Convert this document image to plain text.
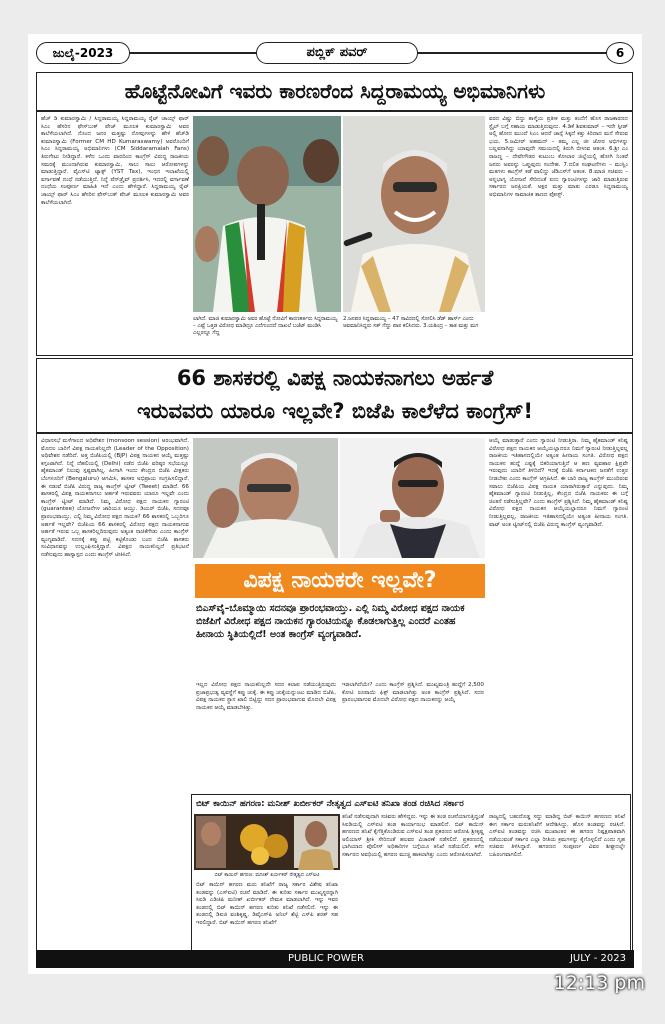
ಜುಲೈ-2023	ಪಬ್ಲಿಕ್ ಪವರ್	6
ಹೊಟ್ಟೆನೋವಿಗೆ ಇವರು ಕಾರಣರೆಂದ ಸಿದ್ದರಾಮಯ್ಯ ಅಭಿಮಾನಿಗಳು

ಹೆಚ್ ಡಿ ಕುಮಾರಸ್ವಾಮಿ / ಸಿದ್ದರಾಮಯ್ಯ ಸಿದ್ದರಾಮಯ್ಯ ರೈಟ್ ಚಾಯ್ಸ್ ಫಾರ್ ಸಿಎಂ ಹೆಸರಿನ ಫೇಸ್‌ಬುಕ್ ಪೇಜ್ ಮೂಲಕ ಕುಮಾರಸ್ವಾಮಿ ಅವರ ಕಾಲೆಳೆಯಲಾಗಿದೆ. ನೊಂದ ಜನರ ಮತ್ತಷ್ಟು ನೋವುಗಳನ್ನು ಹೇಳಿ ಹೆಚ್‌ಡಿ ಕುಮಾರಸ್ವಾಮಿ (Former CM HD Kumaraswamy) ಅವರೊಂದಿಗೆ ಸಿಎಂ ಸಿದ್ದರಾಮಯ್ಯ ಅಭಿಮಾನಿಗಳು (CM Siddaramaiah Fans) ತಿರುಗೇಟು ನೀಡಿದ್ದಾರೆ. ಕಳೆದ ಒಂದು ವಾರದಿಂದ ಕಾಂಗ್ರೆಸ್ ವಿರುದ್ಧ ರಾಜಕೀಯ ಸಮರಕ್ಕೆ ಮುಂದಾಗಿರುವ ಕುಮಾರಸ್ವಾಮಿ, ಸಾಲು ಸಾಲು ಆರೋಪಗಳನ್ನು ಮಾಡುತ್ತಿದ್ದಾರೆ. ವೈಎಸ್‌ಟಿ ಟ್ಯಾಕ್ಸ್ (YST Tax), ಇಂಧನ ಇಲಾಖೆಯಲ್ಲಿ ವರ್ಗಾವಣೆ ದಂಧೆ ನಡೆಯುತ್ತಿದೆ. ನಿನ್ನೆ ಪೆನ್‌ಡ್ರೈವ್ ಪ್ರದರ್ಶಿಸಿ, ಇದರಲ್ಲಿ ವರ್ಗಾವಣೆ ದಂಧೆಯ ಸಂಪೂರ್ಣ ಮಾಹಿತಿ ಇದೆ ಎಂದು ಹೇಳಿದ್ದಾರೆ. ಸಿದ್ದರಾಮಯ್ಯ ರೈಟ್ ಚಾಯ್ಸ್ ಫಾರ್ ಸಿಎಂ ಹೆಸರಿನ ಫೇಸ್‌ಬುಕ್ ಪೇಜ್ ಮೂಲಕ ಕುಮಾರಸ್ವಾಮಿ ಅವರ ಕಾಲೆಳೆಯಲಾಗಿದೆ.

ಲಾಗಿದೆ. ಮಾಜಿ ಕುಮಾರಸ್ವಾಮಿ ಅವರ ಹೊಟ್ಟೆ ನೋವಿಗೆ ಕಾರಣಕರ್ತರು ಸಿದ್ದರಾಮಯ್ಯ – ಎಷ್ಟೆ ಒತ್ತಡ ವಿರೋಧ ಮಾಡಿದ್ರೂ ಎದೆಗುಂದದೆ ದಾಖಲೆ ಬಜೆಟ್ ಮಂಡಿಸಿ ಎಲ್ಲರನ್ನೂ ಗೆದ್ದ
2.ಜನಪರ ಸಿದ್ದರಾಮಯ್ಯ – 47 ಸಾವಿರದಲ್ಲಿ ಸೋಲಿಸಿ ಡೆಡ್ ಹಾರ್ಸ್ ಎಂದು ಅವಮಾನಿಸಿದ್ದರು ಸತ್ ಗೆದ್ದು ಪಾಠ ಕಲಿಸಿದರು. 3.ಯಶಿಂದ್ರ – ತಾತ ಮತ್ತು ಮಗ

ವರದ ವಿಷ್ಣು ಬಿದ್ದು ತಾಳ್ಮೆಯ ಪ್ರತೀಕ ಮತ್ತು ತಂದೆಗೆ ಹೊಸ ರಾಜಕಾರಣದ ಸ್ಟೈಲ್ ಬಗ್ಗೆ ಸಹಾಯ ಮಾಡುತ್ತಿರುವುದು. 4.ಡಿಕೆ ಶಿವಕುಮಾರ್ – ಇದೇ ಸ್ಪೀಡ್ ಅಲ್ಲಿ ಹೋದ ಮುಂದೆ ಸಿಎಂ ಆದರೆ ಚಾನ್ಸೆ ಸಿಕ್ಕದೆ ಕತ್ತು ಕಿರಿದಾದ ಮನೆ ಸೇರುವ ಭಯ. 5.ಜಮೀರ್ ಅಹಮದ್ – ತಮ್ಮ ಎಲ್ಲ ಜೀ ಜೋರ ಅಭಿಗಳನ್ನು ಬಲ್ಲವನಾಗಿದ್ದು ಯಾವುದೇ ಸಮಯದಲ್ಲಿ ತಿರುಗಿ ಬೀಳುವ ಆತಂಕ. 6.ಶ್ರೀ ಎಂ ರಾಜಣ್ಣ – ದೇವೇಗೌಡರ ಕುಟುಂಬ ಕೋಲಾರ ಜಿಲ್ಲೆಯಲ್ಲಿ ಹೋಗಿ ನಿಂತರೆ ಜನರು ಅವರನ್ನು ಒಪ್ಪುವುದು ಸಂದೇಹ. 7.ದಲಿತ ಸಂಘಟನೆಗಳು – ಮುಸ್ಲಿಂ ಮತಗಳು ಕಾಂಗ್ರೆಸ್ ಕಡೆ ವಾಲಿದ್ದು ಜೆಡಿಎಸ್‌ಗೆ ಆತಂಕ. 8.ಮಾಜಿ ಸಚಿವರು – ಅನ್ನಭಾಗ್ಯ ಯೋಜನೆ ಸೇರಿದಂತೆ ಐದು ಗ್ಯಾರಂಟಿಗಳನ್ನು ಜಾರಿ ಮಾಡುತ್ತಿರುವ ಸರ್ಕಾರದ ಜನಪ್ರಿಯತೆ. ಅಕ್ಷರ ಮತ್ತು ಮಾತು ಎರಡೂ ಸಿದ್ದರಾಮಯ್ಯ ಅಭಿಮಾನಿಗಳ ಸಾಮಾಜಿಕ ತಾಣದ ಪೋಸ್ಟ್.

66 ಶಾಸಕರಲ್ಲಿ ವಿಪಕ್ಷ ನಾಯಕನಾಗಲು ಅರ್ಹತೆ
ಇರುವವರು ಯಾರೂ ಇಲ್ಲವೇ? ಬಿಜೆಪಿ ಕಾಲೆಳೆದ ಕಾಂಗ್ರೆಸ್!

ವಿಧಾನಸಭೆ ಮಳೆಗಾಲದ ಅಧಿವೇಶನ (monsoon session) ಆರಂಭವಾಗಿದೆ. ಮೊದಲ ಬಾರಿಗೆ ವಿಪಕ್ಷ ನಾಯಕನಿಲ್ಲದೇ (Leader of the Opposition) ಅಧಿವೇಶನ ನಡೆದಿದೆ. ಅತ್ತ ಬಿಜೆಪಿಯಲ್ಲಿ (BJP) ವಿಪಕ್ಷ ನಾಯಕನ ಆಯ್ಕೆ ಮತ್ತಷ್ಟು ಕಗ್ಗಂಟಾಗಿದೆ. ನಿನ್ನೆ ದೆಹಲಿಯಲ್ಲಿ (Delhi) ನಡೆದ ಬಿಜೆಪಿ ವರಿಷ್ಠರ ಸಭೆಯಲ್ಲೂ ಹೈಕಮಾಂಡ್ ನಿಲುವು ಸ್ಪಷ್ಟವಾಗಿಲ್ಲ. ಹೀಗಾಗಿ ಇಂದು ಕೇಂದ್ರದ ಬಿಜೆಪಿ ವೀಕ್ಷಕರು ಬೆಂಗಳೂರಿಗೆ (Bengaluru) ಆಗಮಿಸಿ, ಶಾಸಕರ ಅಭಿಪ್ರಾಯ ಸಂಗ್ರಹಿಸಲಿದ್ದಾರೆ. ಈ ನಡುವೆ ಬಿಜೆಪಿ ವಿರುದ್ಧ ರಾಜ್ಯ ಕಾಂಗ್ರೆಸ್ ಟ್ವೀಟ್ (Tweet) ಮಾಡಿದೆ. 66 ಶಾಸಕರಲ್ಲಿ ವಿಪಕ್ಷ ನಾಯಕನಾಗಲು ಅರ್ಹತೆ ಇರುವವರು ಯಾರೂ ಇಲ್ಲವೇ ಎಂದು ಕಾಂಗ್ರೆಸ್ ಟ್ವೀಟ್ ಮಾಡಿದೆ. ನಿಮ್ಮ ವಿರೋಧ ಪಕ್ಷದ ನಾಯಕನ ಗ್ಯಾರಂಟಿ (guarantee) ಯೋಜನೆಗಳ ಜಾರಿಯೂ ಆಯ್ತು. ಡಿಯರ್ ಬಿಜೆಪಿ, ಸದನವೂ ಪ್ರಾರಂಭವಾಯ್ತು, ಎಲ್ಲಿ ನಿಮ್ಮ ವಿರೋಧ ಪಕ್ಷದ ನಾಯಕ? 66 ಶಾಸಕರಲ್ಲಿ ಒಬ್ಬರಿಗೂ ಅರ್ಹತೆ ಇಲ್ಲವೇ? ಬಿಜೆಪಿಯ 66 ಶಾಸಕರಲ್ಲಿ ವಿರೋಧ ಪಕ್ಷದ ನಾಯಕನಾಗುವ ಅರ್ಹತೆ ಇರುವ ಒಬ್ಬ ಶಾಸಕರಿಲ್ಲದಿರುವುದು ಅತ್ಯಂತ ನಾಚಿಕೆಗೇಡು ಎಂದು ಕಾಂಗ್ರೆಸ್ ವ್ಯಂಗ್ಯವಾಡಿದೆ. ಸದನಕ್ಕೆ ಕಪ್ಪು ಪಟ್ಟಿ ಕಟ್ಟಿಕೊಂಡು ಬಂದ ಬಿಜೆಪಿ ಶಾಸಕರು ಸಂವಿಧಾನವನ್ನು ಉಲ್ಲಂಘಿಸುತ್ತಿದ್ದಾರೆ. ವಿಪಕ್ಷದ ನಾಯಕನಿಲ್ಲದೆ ಪ್ರತಿಭಟನೆ ನಡೆಸುವುದು ಹಾಸ್ಯಾಸ್ಪದ ಎಂದು ಕಾಂಗ್ರೆಸ್ ಟೀಕಿಸಿದೆ.

ವಿಪಕ್ಷ ನಾಯಕರೇ ಇಲ್ಲವೇ?
ಬಿಎಸ್‌ವೈ–ಬೊಮ್ಮಾಯಿ ಸದನವೂ ಪ್ರಾರಂಭವಾಯ್ತು. ಎಲ್ಲಿ ನಿಮ್ಮ ವಿರೋಧ ಪಕ್ಷದ ನಾಯಕ ಬಿಜೆಪಿಗೆ ವಿರೋಧ ಪಕ್ಷದ ನಾಯಕನ ಗ್ಯಾರಂಟಿಯನ್ನೂ ಕೊಡಲಾಗುತ್ತಿಲ್ಲ ಎಂದರೆ ಎಂತಹ ಹೀನಾಯ ಸ್ಥಿತಿಯಲ್ಲಿದೆ! ಅಂತ ಕಾಂಗ್ರೆಸ್ ವ್ಯಂಗ್ಯವಾಡಿದೆ.

ಇಲ್ಲದ ವಿರೋಧ ಪಕ್ಷದ ನಾಯಕನಿಲ್ಲದೇ ಸದನ ಕಲಾಪ ನಡೆಯುತ್ತಿರುವುದು ಪ್ರಜಾಪ್ರಭುತ್ವ ವ್ಯವಸ್ಥೆಗೆ ಕಪ್ಪು ಚುಕ್ಕೆ. ಈ ಕಪ್ಪು ಚುಕ್ಕೆಯನ್ನುಂಟು ಮಾಡಿದ ಬಿಜೆಪಿ, ವಿಪಕ್ಷ ನಾಯಕನ ಸ್ಥಾನ ಖಾಲಿ ಬಿಟ್ಟಿದ್ದು ಸದನ ಪ್ರಾರಂಭವಾಗುವ ಮೊದಲೇ ವಿಪಕ್ಷ ನಾಯಕನ ಆಯ್ಕೆ ಮಾಡಬೇಕಿತ್ತು.

ಇಡಲಾಗಿದೆಯೇ? ಎಂದು ಕಾಂಗ್ರೆಸ್ ಪ್ರಶ್ನಿಸಿದೆ. ಮುಖ್ಯಮಂತ್ರಿ ಹುದ್ದೆಗೆ 2,500 ಕೋಟಿ ರೂಪಾಯಿ ಫಿಕ್ಸ್ ಮಾಡಲಾಗಿತ್ತು ಅಂತ ಕಾಂಗ್ರೆಸ್ ಪ್ರಶ್ನಿಸಿದೆ. ಸದನ ಪ್ರಾರಂಭವಾಗುವ ಮೊದಲೇ ವಿರೋಧ ಪಕ್ಷದ ನಾಯಕನನ್ನು ಆಯ್ಕೆ

ಆಯ್ಕೆ ಮಾಡುತ್ತಾರೆ ಎಂದು ಗ್ಯಾರಂಟಿ ನೀಡುತ್ತಿರಾ. ನಿಮ್ಮ ಹೈಕಮಾಂಡ್ ಕನಿಷ್ಟ ವಿರೋಧ ಪಕ್ಷದ ನಾಯಕನ ಆಯ್ಕೆಯಲ್ಲಾದರೂ ನಿಮಗೆ ಗ್ಯಾರಂಟಿ ನೀಡುತ್ತಿಲ್ಲವಲ್ಲ ರಾಜಕೀಯ ಇತಿಹಾಸದಲ್ಲಿಯೇ ಅತ್ಯಂತ ಹೀನಾಯ ಸಂಗತಿ. ವಿರೋಧ ಪಕ್ಷದ ನಾಯಕನ ಹುದ್ದೆ ಎಷ್ಟಕ್ಕೆ ಬಿಕರಿಯಾಗುತ್ತಿದೆ ಆ ಹಣ ವ್ಯವಹಾರ ಕ್ಷಿಪ್ರವೇ ಇರುವುದು ಯಾರಿಗೆ ತಿಳಿದಿದೆ? ಇದಕ್ಕೆ ಬಿಜೆಪಿ ಕರ್ನಾಟಕದ ಜನತೆಗೆ ಉತ್ತರ ನೀಡಬೇಕು ಎಂದು ಕಾಂಗ್ರೆಸ್ ಆಗ್ರಹಿಸಿದೆ. ಈ ಬಾರಿ ರಾಜ್ಯ ಕಾಂಗ್ರೆಸ್ ಮುಂದಿರುವ ಸವಾಲು ಬಿಜೆಪಿಯ ವಿಪಕ್ಷ ನಾಯಕ ಯಾರಾಗಿರುತ್ತಾರೆ ಎನ್ನುವುದು. ನಿಮ್ಮ ಹೈಕಮಾಂಡ್ ಗ್ಯಾರಂಟಿ ನೀಡುತ್ತಿಲ್ಲ, ಕೇಂದ್ರದ ಬಿಜೆಪಿ ನಾಯಕರು ಈ ಬಗ್ಗೆ ಚಿಂತನೆ ನಡೆಸುತ್ತಿಲ್ಲವೇ? ಎಂದು ಕಾಂಗ್ರೆಸ್ ಪ್ರಶ್ನಿಸಿದೆ. ನಿಮ್ಮ ಹೈಕಮಾಂಡ್ ಕನಿಷ್ಟ ವಿರೋಧ ಪಕ್ಷದ ನಾಯಕನ ಆಯ್ಕೆಯಲ್ಲಾದರೂ ನಿಮಗೆ ಗ್ಯಾರಂಟಿ ನೀಡುತ್ತಿಲ್ಲವಲ್ಲ, ರಾಜಕೀಯ ಇತಿಹಾಸದಲ್ಲಿಯೇ ಅತ್ಯಂತ ಹೀನಾಯ ಸಂಗತಿ. ವಾಟ್ ಅಂತ ಟ್ವೀಟ್‌ನಲ್ಲಿ ಬಿಜೆಪಿ ವಿರುದ್ಧ ಕಾಂಗ್ರೆಸ್ ವ್ಯಂಗ್ಯವಾಡಿದೆ.

ಬಿಟ್ ಕಾಯಿನ್ ಹಗರಣ: ಮನೀಶ್ ಖರ್ಬೀಕರ್ ನೇತೃತ್ವದ ಎಸ್‌ಐಟಿ ತನಿಖಾ ತಂಡ ರಚಿಸಿದ ಸರ್ಕಾರ
ಬಿಟ್ ಕಾಯಿನ್ ಹಗರಣ: ಮನೀಶ್ ಖರ್ಬೀಕರ್ ನೇತೃತ್ವದ ಎಸ್‌ಐಟಿ

ಬಿಟ್ ಕಾಯಿನ್ ಹಗರಣ ಮರು ತನಿಖೆಗೆ ರಾಜ್ಯ ಸರ್ಕಾರ ವಿಶೇಷ ತನಿಖಾ ತಂಡವನ್ನು (ಎಸ್‌ಐಟಿ) ರಚನೆ ಮಾಡಿದೆ. ಈ ಕುರಿತು ಸರ್ಕಾರ ಮುಖ್ಯಸ್ಥರನ್ನಾಗಿ ಸಿಐಡಿ ಎಡಿಜಿಪಿ ಮನೀಶ್ ಖರ್ಬೀಕರ್ ನೇಮಕ ಮಾಡಲಾಗಿದೆ. ಇನ್ನು ಇವರ ತಂಡದಲ್ಲಿ ಬಿಟ್ ಕಾಯಿನ್ ಹಗರಣ ಕುರಿತು ತನಿಖೆ ನಡೆಸಲಿದೆ. ಇನ್ನು ಈ ತಂಡದಲ್ಲಿ ಡಿಐಜಿ ವಂಶಿಕೃಷ್ಣ, ಡಿವೈಎಸ್‌ಪಿ ಅನಿಲ್ ಶೆಟ್ಟಿ ಎಸ್‌ಪಿ ಶರತ್ ಸಹ ಇರಲಿದ್ದಾರೆ. ಬಿಟ್ ಕಾಯಿನ್ ಹಗರಣ ತನಿಖೆಗೆ

ತನಿಖೆ ನಡೆಸುವುದಾಗಿ ಸಚಿವರು ಹೇಳಿದ್ದರು. ಇನ್ನು ಈ ತಂಡ ರಚನೆಯಾಗುತ್ತಿದ್ದಂತೆ ಸಿಐಡಿಯಲ್ಲಿ ಎಸ್‌ಐಟಿ ತಂಡ ಕಾರ್ಯಾರಂಭ ಮಾಡಲಿದೆ. ಬಿಟ್ ಕಾಯಿನ್ ಹಗರಣದ ತನಿಖೆ ಕೈಗೆತ್ತಿಕೊಂಡಿರುವ ಎಸ್‌ಐಟಿ ತಂಡ ಪ್ರಕರಣದ ಆರೋಪಿ ಶ್ರೀಕೃಷ್ಣ ಅಲಿಯಾಸ್ ಶ್ರೀಕಿ ಸೇರಿದಂತೆ ಹಲವರ ವಿಚಾರಣೆ ನಡೆಸಲಿದೆ. ಪ್ರಕರಣದಲ್ಲಿ ಭಾಗಿಯಾದ ಪೊಲೀಸ್ ಅಧಿಕಾರಿಗಳ ಬಗ್ಗೆಯೂ ತನಿಖೆ ನಡೆಯಲಿದೆ. ಕಳೆದ ಸರ್ಕಾರದ ಅವಧಿಯಲ್ಲಿ ಹಗರಣ ಮುಚ್ಚಿ ಹಾಕಲಾಗಿತ್ತು ಎಂದು ಆರೋಪಿಸಲಾಗಿದೆ.

ರಾಜ್ಯದಲ್ಲಿ ಬಹುದೊಡ್ಡ ಸದ್ದು ಮಾಡಿದ್ದ ಬಿಟ್ ಕಾಯಿನ್ ಹಗರಣದ ತನಿಖೆ ಈಗ ಸರ್ಕಾರ ಮರುತನಿಖೆಗೆ ಆದೇಶಿಸಿದ್ದು, ಹೊಸ ತಂಡವನ್ನು ರಚಿಸಿದೆ. ಎಸ್‌ಐಟಿ ತಂಡವನ್ನು ರಚಿಸಿ ಮುಖಾಂತರ ಈ ಹಗರಣ ನಿಷ್ಪಕ್ಷಪಾತವಾಗಿ ನಡೆಯುವಂತೆ ಸರ್ಕಾರ ಎಲ್ಲಾ ರೀತಿಯ ಕ್ರಮಗಳನ್ನು ಕೈಗೊಳ್ಳಲಿದೆ ಎಂದು ಗೃಹ ಸಚಿವರು ತಿಳಿಸಿದ್ದಾರೆ. ಹಗರಣದ ಸಂಪೂರ್ಣ ವಿವರ ಶೀಘ್ರದಲ್ಲೇ ಬಹಿರಂಗವಾಗಲಿದೆ.

PUBLIC POWER	JULY - 2023
12:13 pm
